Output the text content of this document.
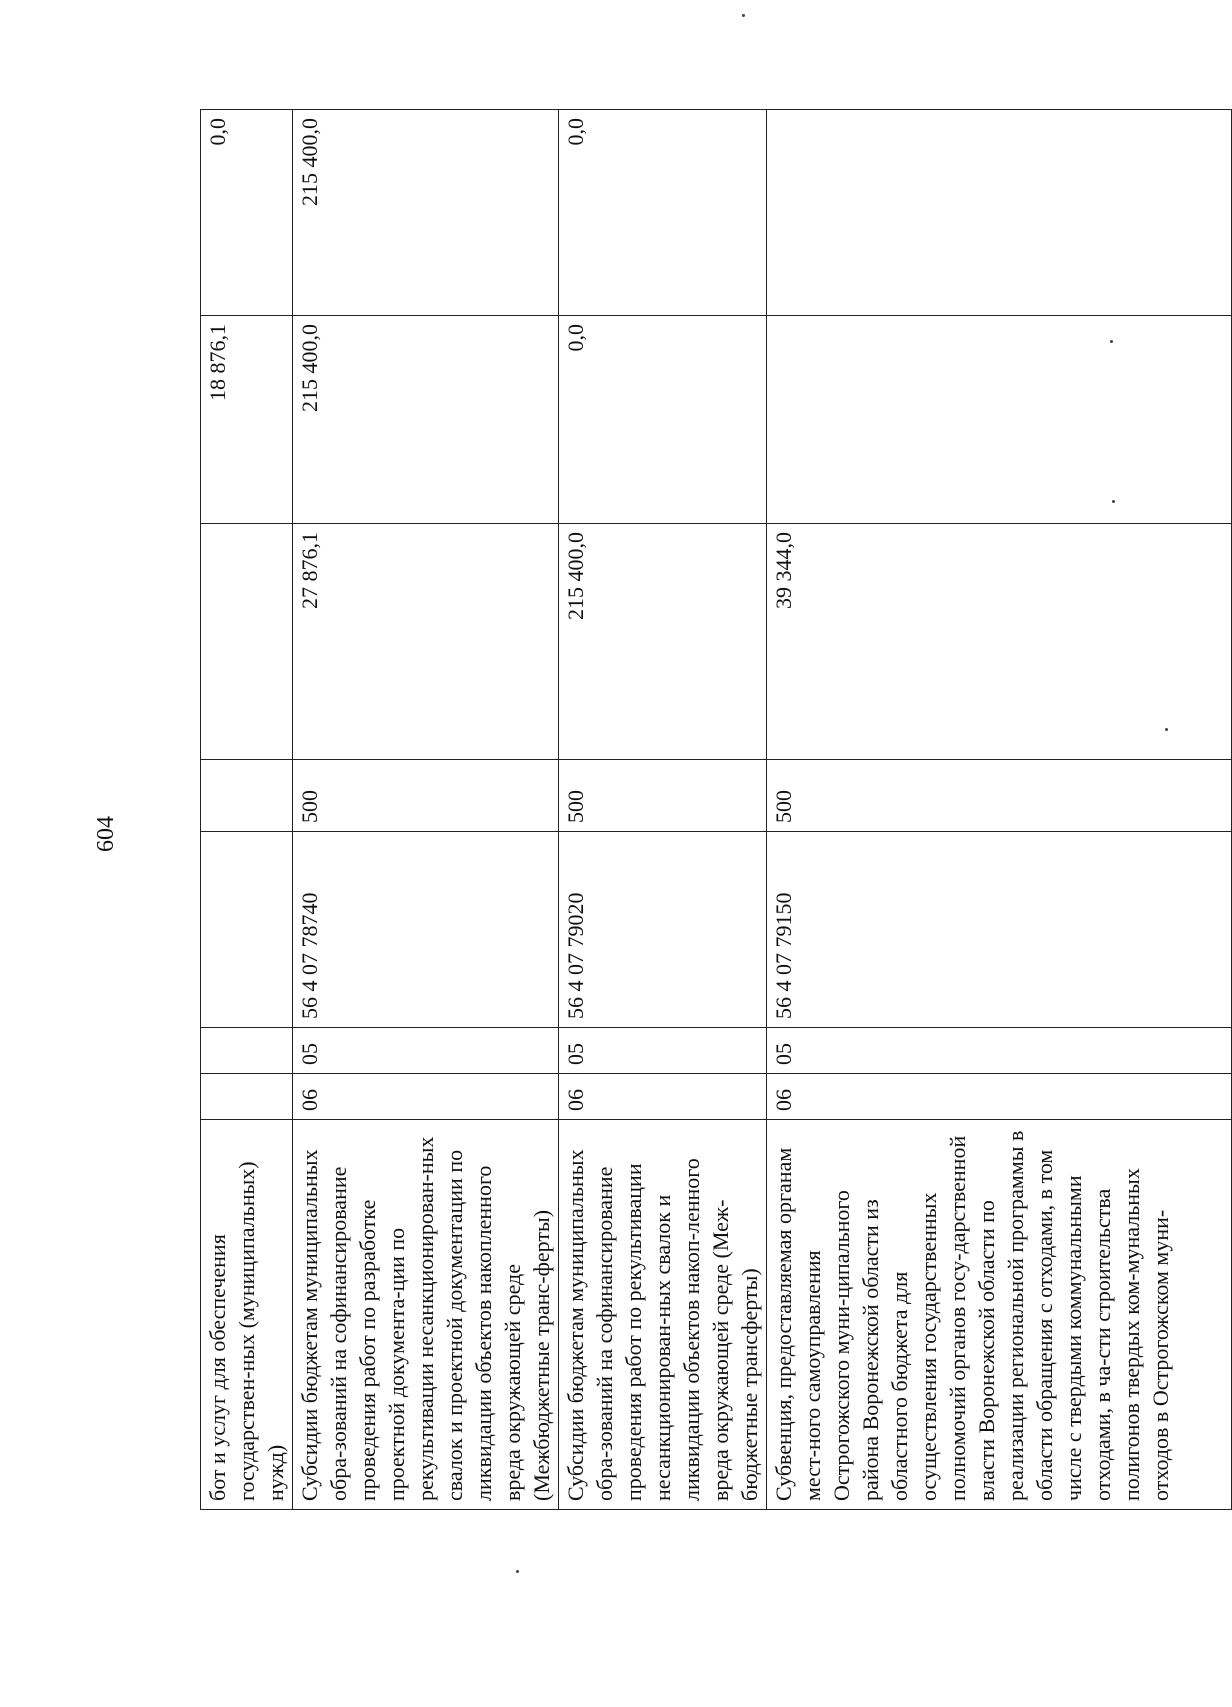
604
бот и услуг для обеспечения государствен-ных (муниципальных) нужд)						18 876,1	0,0
Субсидии бюджетам муниципальных обра-зований на софинансирование проведения работ по разработке проектной документа-ции по рекультивации несанкционирован-ных свалок и проектной документации по ликвидации объектов накопленного вреда окружающей среде (Межбюджетные транс-ферты)	06	05	56 4 07 78740	500	27 876,1	215 400,0	215 400,0
Субсидии бюджетам муниципальных обра-зований на софинансирование проведения работ по рекультивации несанкционирован-ных свалок и ликвидации объектов накоп-ленного вреда окружающей среде (Меж-бюджетные трансферты)	06	05	56 4 07 79020	500	215 400,0	0,0	0,0
Субвенция, предоставляемая органам мест-ного самоуправления Острогожского муни-ципального района Воронежской области из областного бюджета для осуществления государственных полномочий органов госу-дарственной власти Воронежской области по реализации региональной программы в области обращения с отходами, в том числе с твердыми коммунальными отходами, в ча-сти строительства полигонов твердых ком-мунальных отходов в Острогожском муни-	06	05	56 4 07 79150	500	39 344,0		
